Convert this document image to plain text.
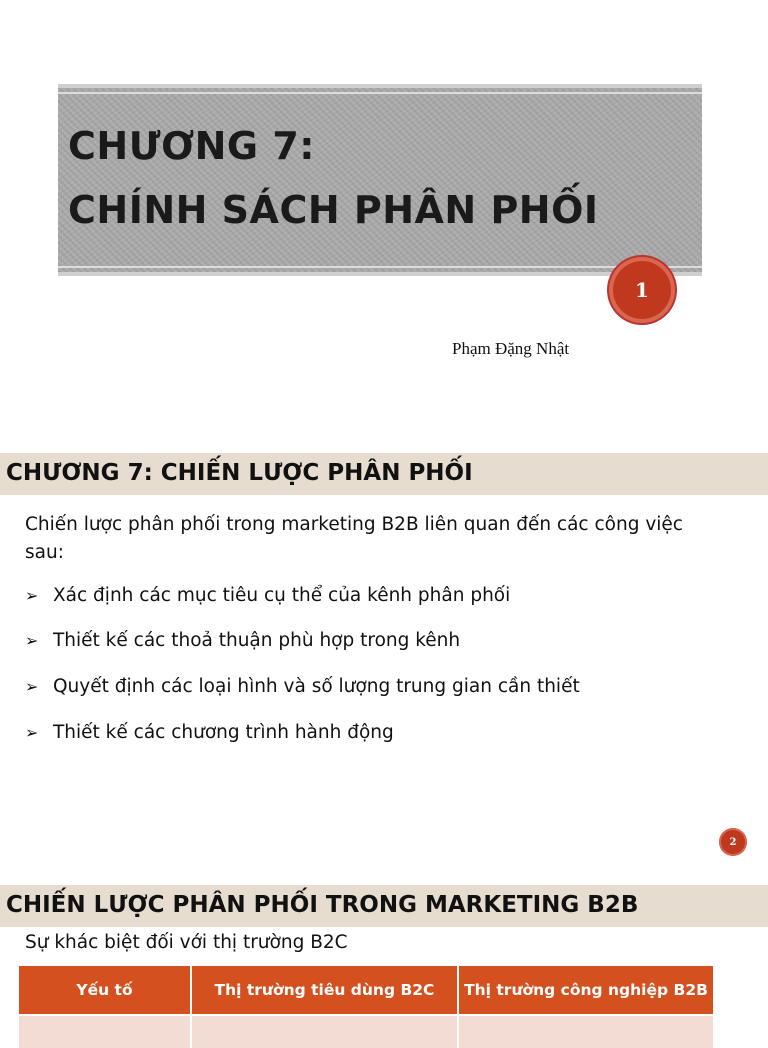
CHƯƠNG 7:
CHÍNH SÁCH PHÂN PHỐI
1
Phạm Đặng Nhật
CHƯƠNG 7: CHIẾN LƯỢC PHÂN PHỐI
Chiến lược phân phối trong marketing B2B liên quan đến các công việc sau:
➢ Xác định các mục tiêu cụ thể của kênh phân phối
➢ Thiết kế các thoả thuận phù hợp trong kênh
➢ Quyết định các loại hình và số lượng trung gian cần thiết
➢ Thiết kế các chương trình hành động
2
CHIẾN LƯỢC PHÂN PHỐI TRONG MARKETING B2B
Sự khác biệt đối với thị trường B2C
Yếu tố	Thị trường tiêu dùng B2C	Thị trường công nghiệp B2B
